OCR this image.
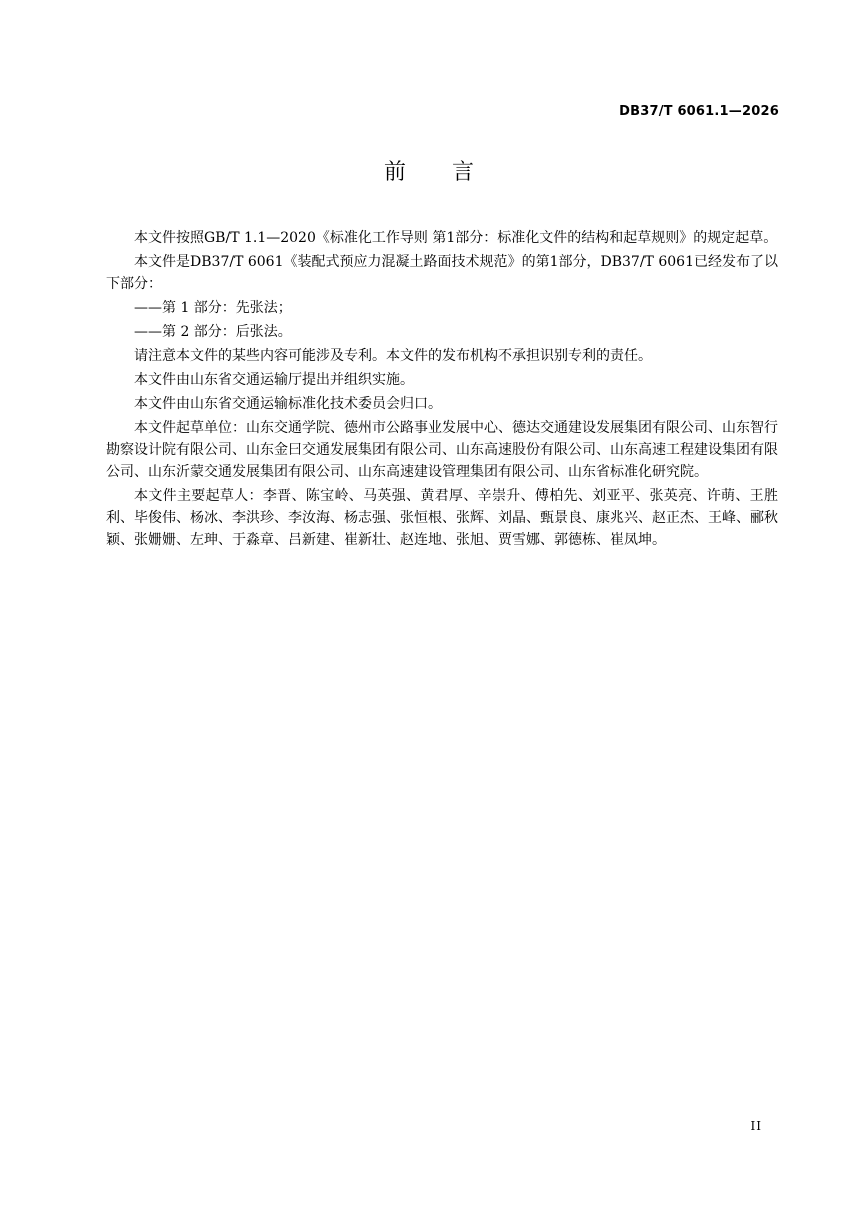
DB37/T 6061.1—2026
前 言

本文件按照GB/T 1.1—2020《标准化工作导则 第1部分：标准化文件的结构和起草规则》的规定起草。

本文件是DB37/T 6061《装配式预应力混凝土路面技术规范》的第1部分，DB37/T 6061已经发布了以下部分：

——第 1 部分：先张法；

——第 2 部分：后张法。

请注意本文件的某些内容可能涉及专利。本文件的发布机构不承担识别专利的责任。

本文件由山东省交通运输厅提出并组织实施。

本文件由山东省交通运输标准化技术委员会归口。

本文件起草单位：山东交通学院、德州市公路事业发展中心、德达交通建设发展集团有限公司、山东智行勘察设计院有限公司、山东金曰交通发展集团有限公司、山东高速股份有限公司、山东高速工程建设集团有限公司、山东沂蒙交通发展集团有限公司、山东高速建设管理集团有限公司、山东省标准化研究院。

本文件主要起草人：李晋、陈宝岭、马英强、黄君厚、辛崇升、傅柏先、刘亚平、张英亮、许萌、王胜利、毕俊伟、杨冰、李洪珍、李汝海、杨志强、张恒根、张辉、刘晶、甄景良、康兆兴、赵正杰、王峰、郦秋颖、张姗姗、左珅、于淼章、吕新建、崔新壮、赵连地、张旭、贾雪娜、郭德栋、崔凤坤。

II
